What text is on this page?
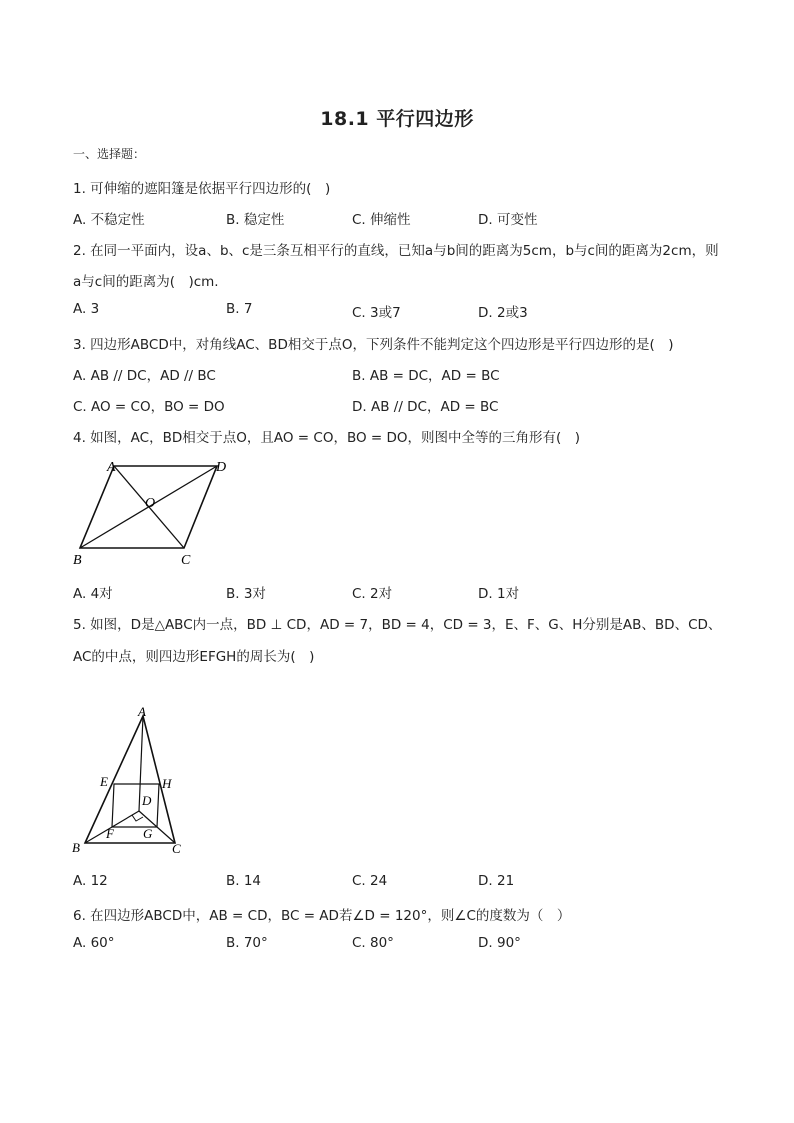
18.1 平行四边形
一、选择题：
1. 可伸缩的遮阳篷是依据平行四边形的(　)
A. 不稳定性	B. 稳定性	C. 伸缩性	D. 可变性
2. 在同一平面内，设a、b、c是三条互相平行的直线，已知a与b间的距离为5cm，b与c间的距离为2cm，则
a与c间的距离为(　)cm.
A. 3	B. 7	C. 3或7	D. 2或3
3. 四边形ABCD中，对角线AC、BD相交于点O，下列条件不能判定这个四边形是平行四边形的是(　)
A. AB // DC，AD // BC	B. AB = DC，AD = BC
C. AO = CO，BO = DO	D. AB // DC，AD = BC
4. 如图，AC，BD相交于点O，且AO = CO，BO = DO，则图中全等的三角形有(　)
A	D
O
B	C
A. 4对	B. 3对	C. 2对	D. 1对
5. 如图，D是△ABC内一点，BD ⊥ CD，AD = 7，BD = 4，CD = 3，E、F、G、H分别是AB、BD、CD、
AC的中点，则四边形EFGH的周长为(　)
A
E	H
D
F G
B	C
A. 12	B. 14	C. 24	D. 21
6. 在四边形ABCD中，AB = CD，BC = AD若∠D = 120°，则∠C的度数为（　）
A. 60°	B. 70°	C. 80°	D. 90°
